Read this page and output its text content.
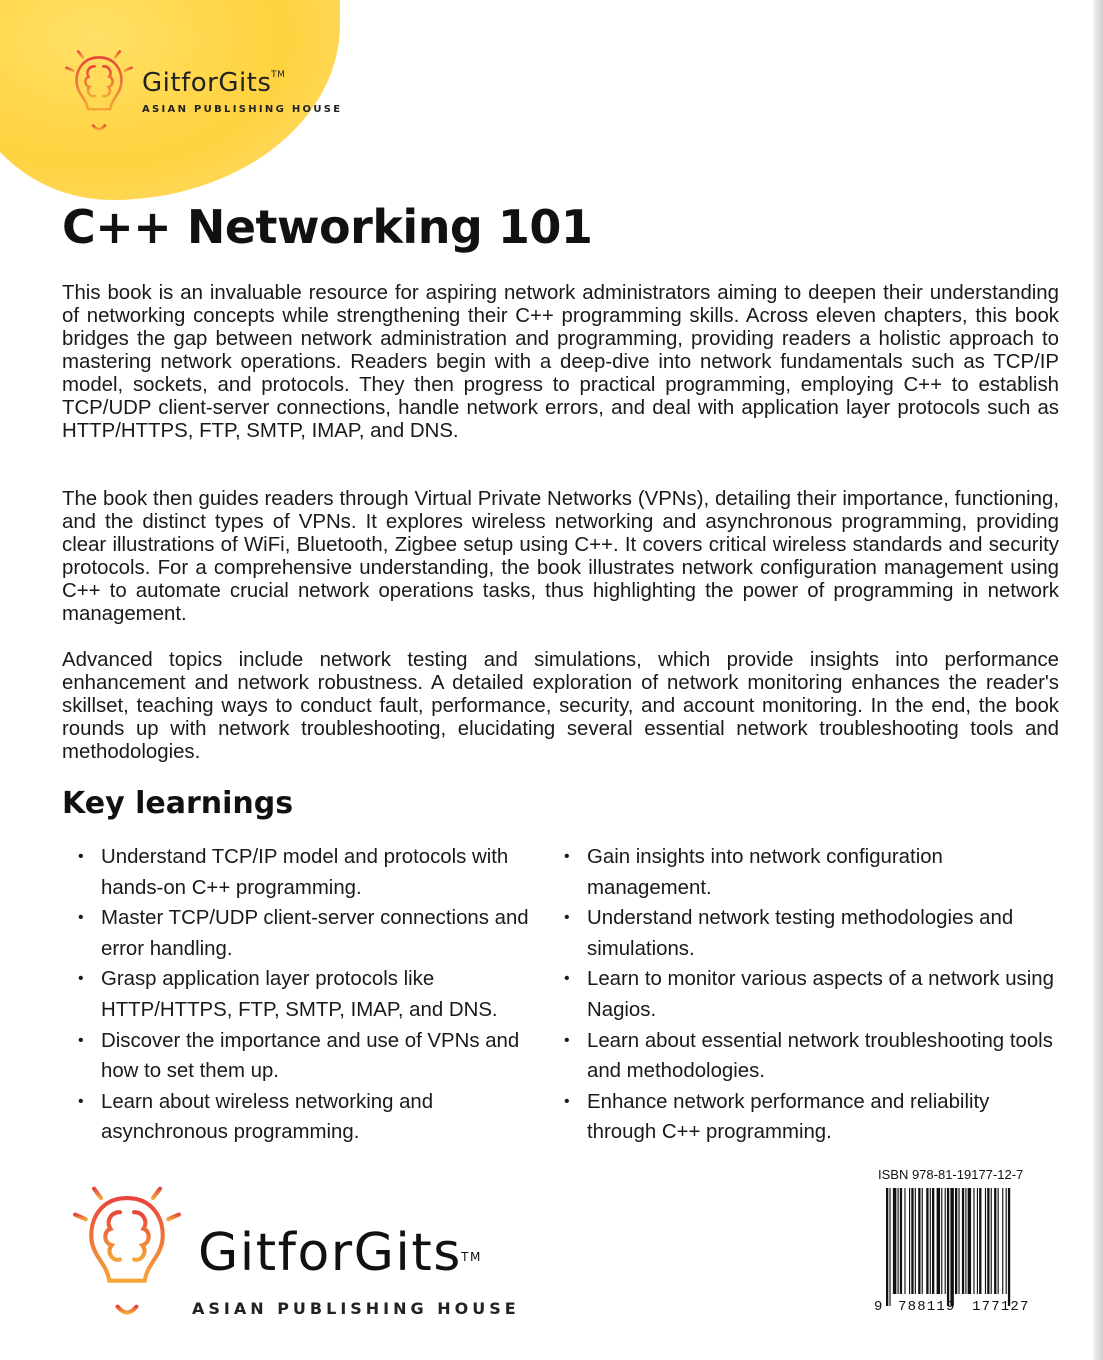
GitforGits TM
ASIAN PUBLISHING HOUSE
C++ Networking 101

This book is an invaluable resource for aspiring network administrators aiming to deepen their understanding of networking concepts while strengthening their C++ programming skills. Across eleven chapters, this book bridges the gap between network administration and programming, providing readers a holistic approach to mastering network operations. Readers begin with a deep-dive into network fundamentals such as TCP/IP model, sockets, and protocols. They then progress to practical programming, employing C++ to establish TCP/UDP client-server connections, handle network errors, and deal with application layer protocols such as HTTP/HTTPS, FTP, SMTP, IMAP, and DNS.

The book then guides readers through Virtual Private Networks (VPNs), detailing their importance, functioning, and the distinct types of VPNs. It explores wireless networking and asynchronous programming, providing clear illustrations of WiFi, Bluetooth, Zigbee setup using C++. It covers critical wireless standards and security protocols. For a comprehensive understanding, the book illustrates network configuration management using C++ to automate crucial network operations tasks, thus highlighting the power of programming in network management.

Advanced topics include network testing and simulations, which provide insights into performance enhancement and network robustness. A detailed exploration of network monitoring enhances the reader's skillset, teaching ways to conduct fault, performance, security, and account monitoring. In the end, the book rounds up with network troubleshooting, elucidating several essential network troubleshooting tools and methodologies.

Key learnings
• Understand TCP/IP model and protocols with hands-on C++ programming.
• Master TCP/UDP client-server connections and error handling.
• Grasp application layer protocols like HTTP/HTTPS, FTP, SMTP, IMAP, and DNS.
• Discover the importance and use of VPNs and how to set them up.
• Learn about wireless networking and asynchronous programming.
• Gain insights into network configuration management.
• Understand network testing methodologies and simulations.
• Learn to monitor various aspects of a network using Nagios.
• Learn about essential network troubleshooting tools and methodologies.
• Enhance network performance and reliability through C++ programming.
GitforGits TM
ASIAN PUBLISHING HOUSE
ISBN 978-81-19177-12-7
9 788119 177127
